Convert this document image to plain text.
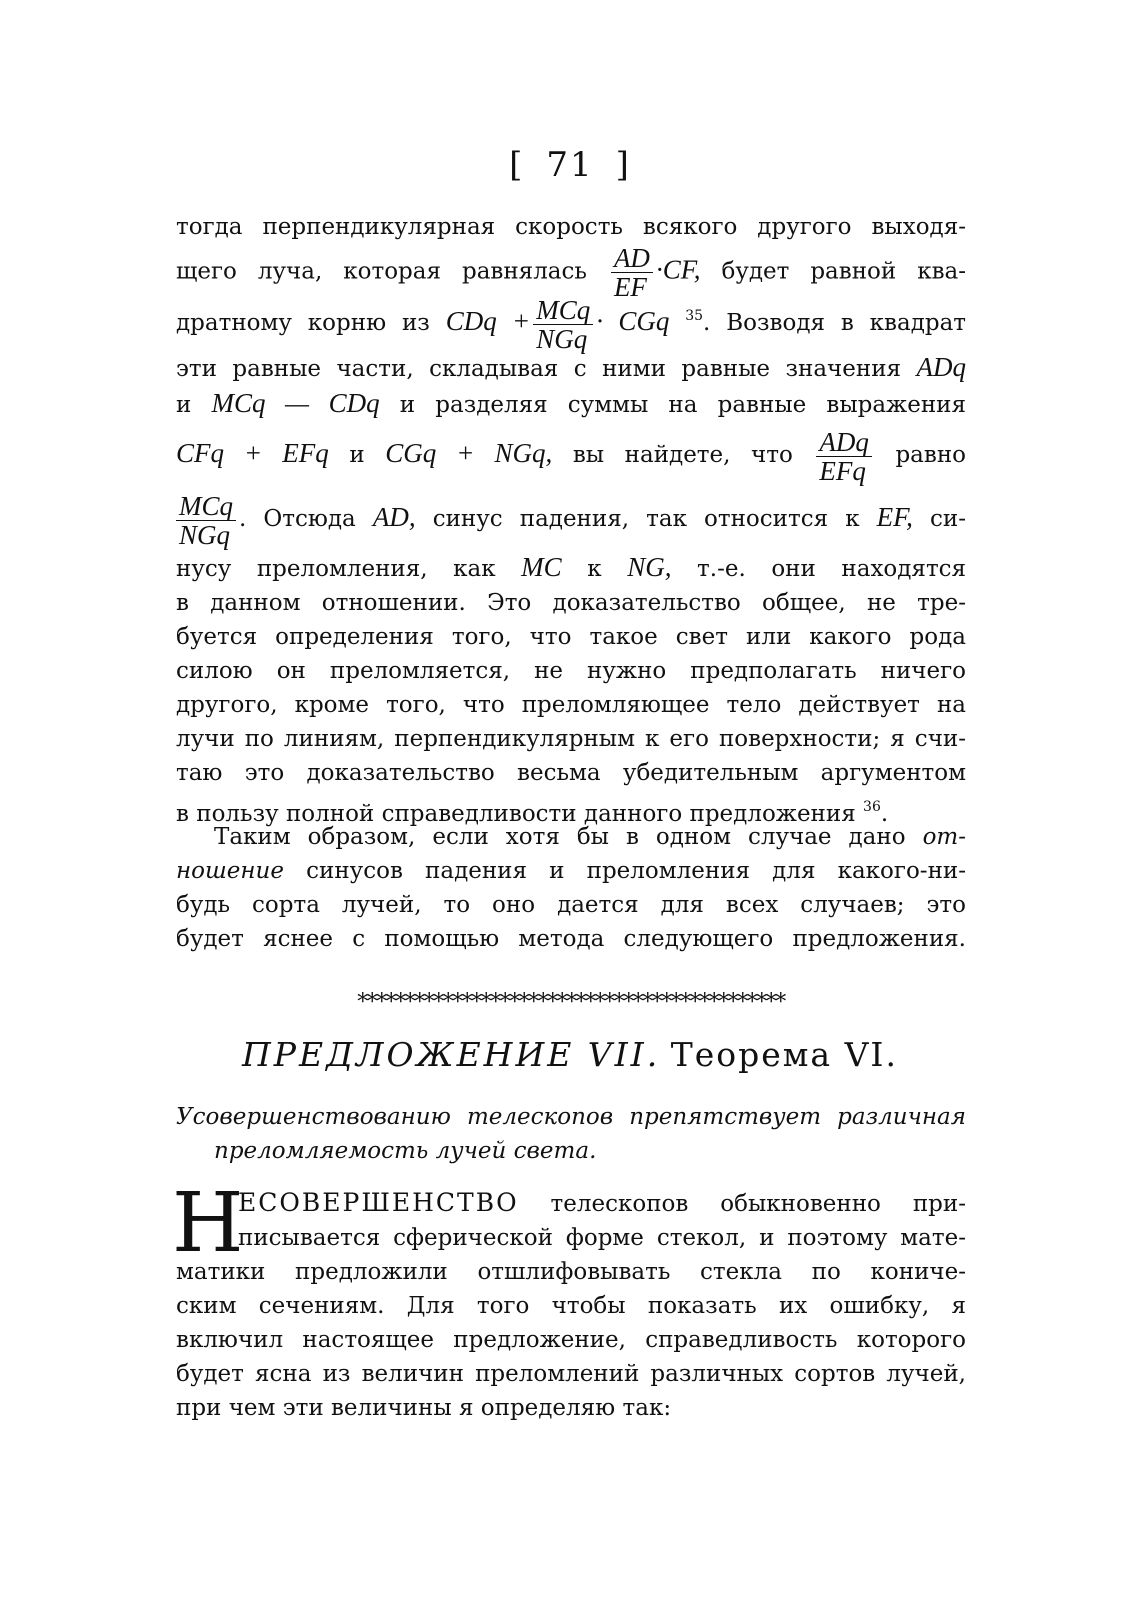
[ 71 ]
тогда перпендикулярная скорость всякого другого выходя-
щего луча, которая равнялась $\frac{AD}{EF} \cdot CF$, будет равной ква-
дратному корню из CDq + $\frac{\text{MCq}}{\text{NGq}}$ · CGq $^{35}$. Возводя в квадрат
эти равные части, складывая с ними равные значения ADq
и MCq — CDq и разделяя суммы на равные выражения
CFq + EFq и CGq + NGq, вы найдете, что $\frac{\text{ADq}}{\text{EFq}}$ равно
$\frac{\text{MCq}}{\text{NGq}}$ . Отсюда AD, синус падения, так относится к EF, си-
нусу преломления, как MC к NG, т.-е. они находятся
в данном отношении. Это доказательство общее, не тре-
буется определения того, что такое свет или какого рода
силою он преломляется, не нужно предполагать ничего
другого, кроме того, что преломляющее тело действует на
лучи по линиям, перпендикулярным к его поверхности; я счи-
таю это доказательство весьма убедительным аргументом
в пользу полной справедливости данного предложения $^{36}$.
Таким образом, если хотя бы в одном случае дано от-
ношение синусов падения и преломления для какого-ни-
будь сорта лучей, то оно дается для всех случаев; это
будет яснее с помощью метода следующего предложения.
*********************************************
ПРЕДЛОЖЕНИЕ VII. Теорема VI.
Усовершенствованию телескопов препятствует различная
преломляемость лучей света.
Н
ЕСОВЕРШЕНСТВО телескопов обыкновенно при-
писывается сферической форме стекол, и поэтому мате-
матики предложили отшлифовывать стекла по кониче-
ским сечениям. Для того чтобы показать их ошибку, я
включил настоящее предложение, справедливость которого
будет ясна из величин преломлений различных сортов лучей,
при чем эти величины я определяю так:
